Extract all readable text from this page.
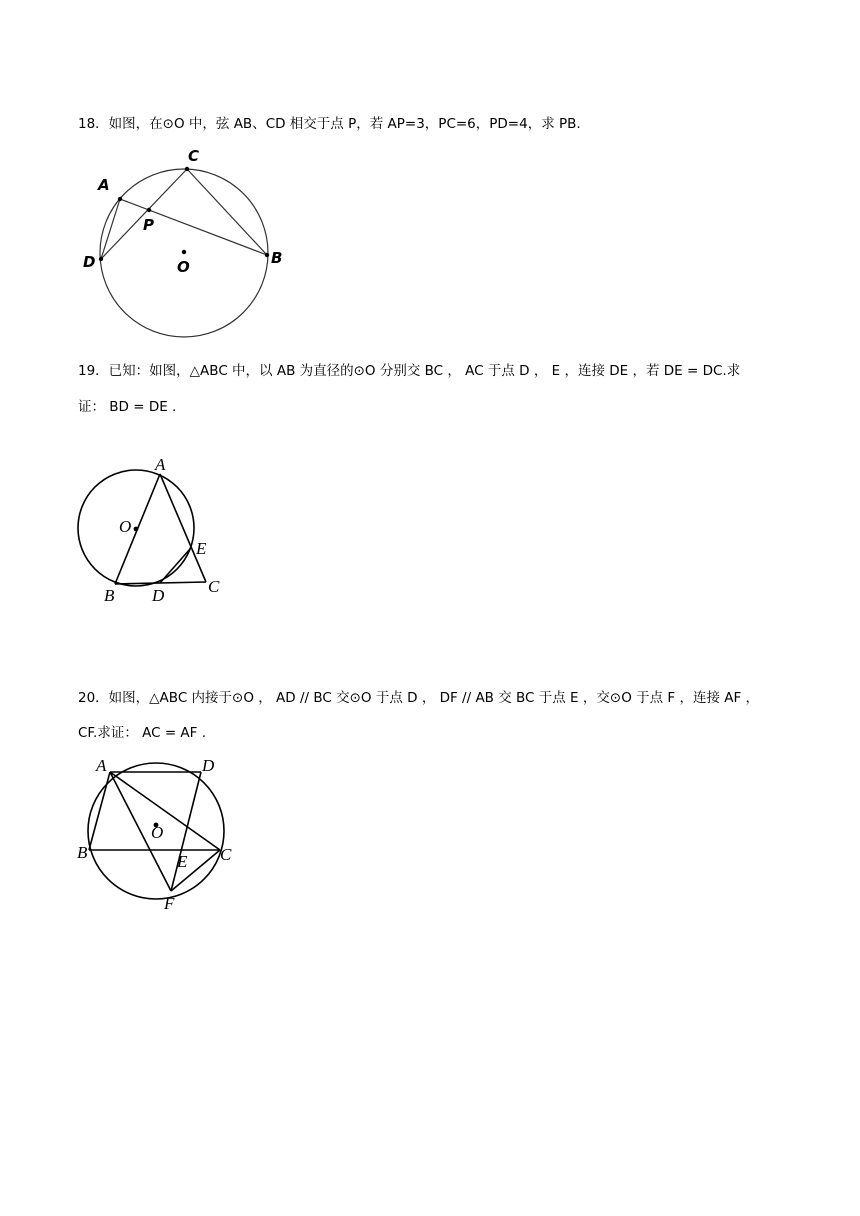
18．如图，在⊙O 中，弦 AB、CD 相交于点 P，若 AP=3，PC=6，PD=4，求 PB.
A
C
P
D	O	B
19．已知：如图，△ABC 中，以 AB 为直径的⊙O 分别交 BC ， AC 于点 D ， E ，连接 DE ，若 DE = DC.求
证： BD = DE .
A
O
E
C
B D
20．如图，△ABC 内接于⊙O ， AD // BC 交⊙O 于点 D ， DF // AB 交 BC 于点 E ，交⊙O 于点 F ，连接 AF ，
CF.求证： AC = AF .
A	D
O
B	E C
F
